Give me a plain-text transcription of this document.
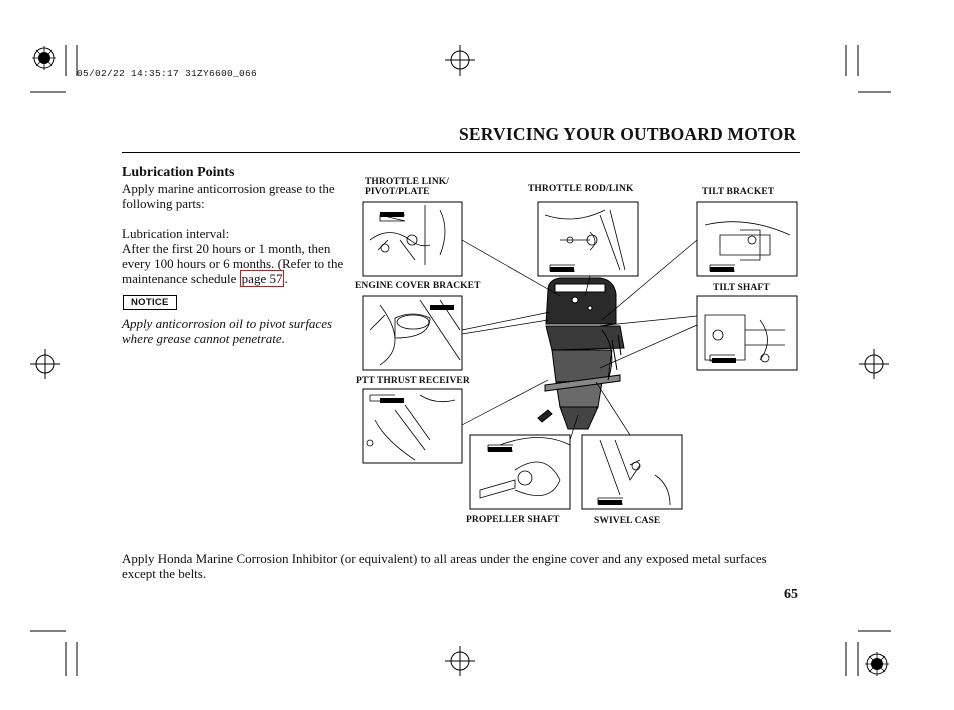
05/02/22 14:35:17 31ZY6600_066
SERVICING YOUR OUTBOARD MOTOR
Lubrication Points
Apply marine anticorrosion grease to the following parts:
Lubrication interval:
After the first 20 hours or 1 month, then every 100 hours or 6 months. (Refer to the maintenance schedule page 57 .
NOTICE
Apply anticorrosion oil to pivot surfaces where grease cannot penetrate.
THROTTLE LINK/
PIVOT/PLATE	THROTTLE ROD/LINK	TILT BRACKET
ENGINE COVER BRACKET	TILT SHAFT
PTT THRUST RECEIVER
PROPELLER SHAFT	SWIVEL CASE
Apply Honda Marine Corrosion Inhibitor (or equivalent) to all areas under the engine cover and any exposed metal surfaces except the belts.
65
